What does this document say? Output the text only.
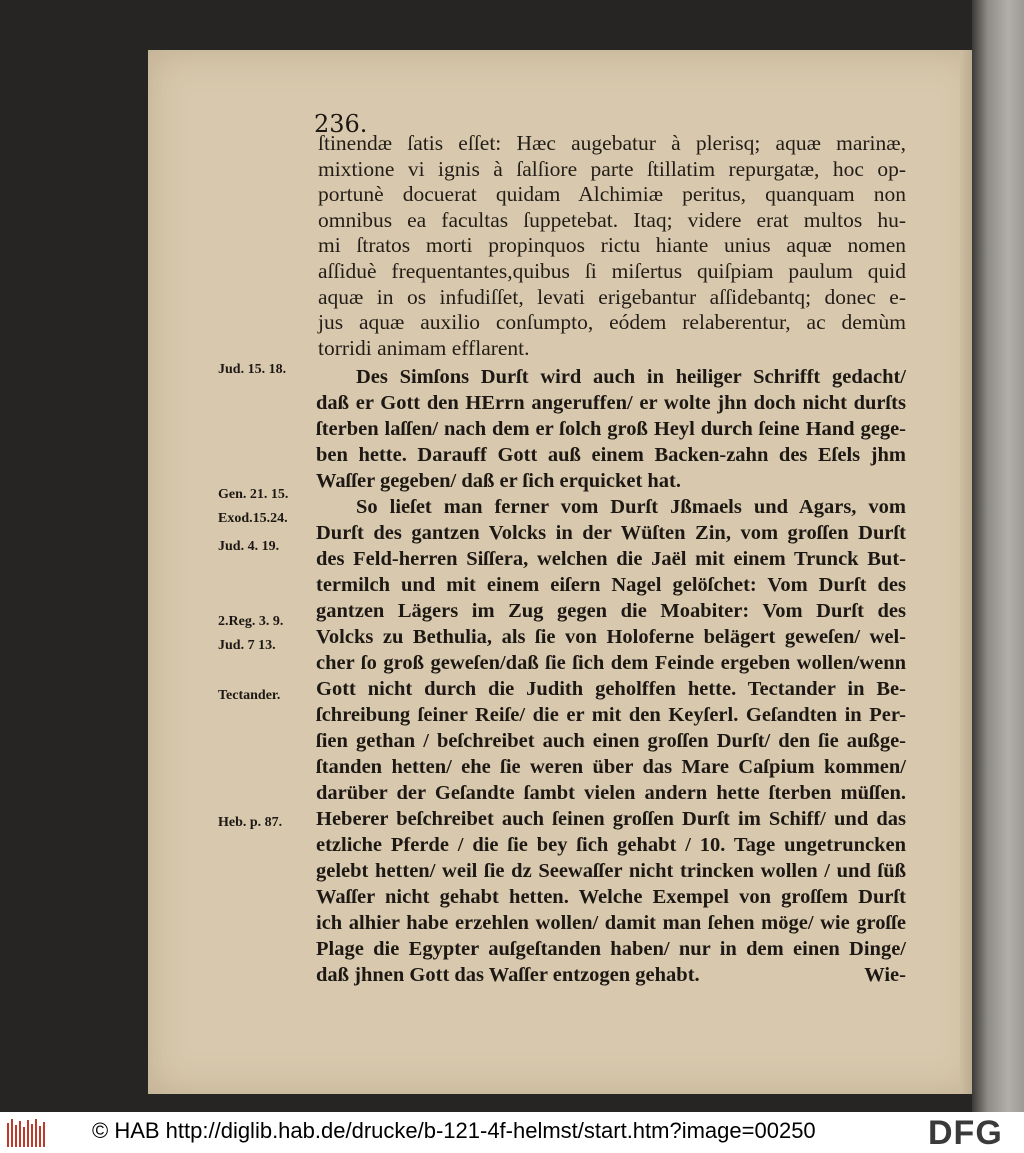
236.
ſtinendæ ſatis eſſet: Hæc augebatur à plerisq; aquæ marinæ,
mixtione vi ignis à ſalſiore parte ſtillatim repurgatæ, hoc op-
portunè docuerat quidam Alchimiæ peritus, quanquam non
omnibus ea facultas ſuppetebat. Itaq; videre erat multos hu-
mi ſtratos morti propinquos rictu hiante unius aquæ nomen
aſſiduè frequentantes,quibus ſi miſertus quiſpiam paulum quid
aquæ in os infudiſſet, levati erigebantur aſſidebantq; donec e-
jus aquæ auxilio conſumpto, eódem relaberentur, ac demùm
torridi animam efflarent.
Des Simſons Durſt wird auch in heiliger Schrifft gedacht/
daß er Gott den HErrn angeruffen/ er wolte jhn doch nicht durſts
ſterben laſſen/ nach dem er ſolch groß Heyl durch ſeine Hand gege-
ben hette. Darauff Gott auß einem Backen-zahn des Eſels jhm
Waſſer gegeben/ daß er ſich erquicket hat.
So lieſet man ferner vom Durſt Jßmaels und Agars, vom
Durſt des gantzen Volcks in der Wüſten Zin, vom groſſen Durſt
des Feld-herren Siſſera, welchen die Jaël mit einem Trunck But-
termilch und mit einem eiſern Nagel gelöſchet: Vom Durſt des
gantzen Lägers im Zug gegen die Moabiter: Vom Durſt des
Volcks zu Bethulia, als ſie von Holoferne belägert geweſen/ wel-
cher ſo groß geweſen/daß ſie ſich dem Feinde ergeben wollen/wenn
Gott nicht durch die Judith geholffen hette. Tectander in Be-
ſchreibung ſeiner Reiſe/ die er mit den Keyſerl. Geſandten in Per-
ſien gethan / beſchreibet auch einen groſſen Durſt/ den ſie außge-
ſtanden hetten/ ehe ſie weren über das Mare Caſpium kommen/
darüber der Geſandte ſambt vielen andern hette ſterben müſſen.
Heberer beſchreibet auch ſeinen groſſen Durſt im Schiff/ und das
etzliche Pferde / die ſie bey ſich gehabt / 10. Tage ungetruncken
gelebt hetten/ weil ſie dz Seewaſſer nicht trincken wollen / und ſüß
Waſſer nicht gehabt hetten. Welche Exempel von groſſem Durſt
ich alhier habe erzehlen wollen/ damit man ſehen möge/ wie groſſe
Plage die Egypter auſgeſtanden haben/ nur in dem einen Dinge/
daß jhnen Gott das Waſſer entzogen gehabt.	Wie-
Jud. 15. 18.
Gen. 21. 15.
Exod.15.24.
Jud. 4. 19.
2.Reg. 3. 9.
Jud. 7 13.
Tectander.
Heb. p. 87.
© HAB http://diglib.hab.de/drucke/b-121-4f-helmst/start.htm?image=00250	DFG
